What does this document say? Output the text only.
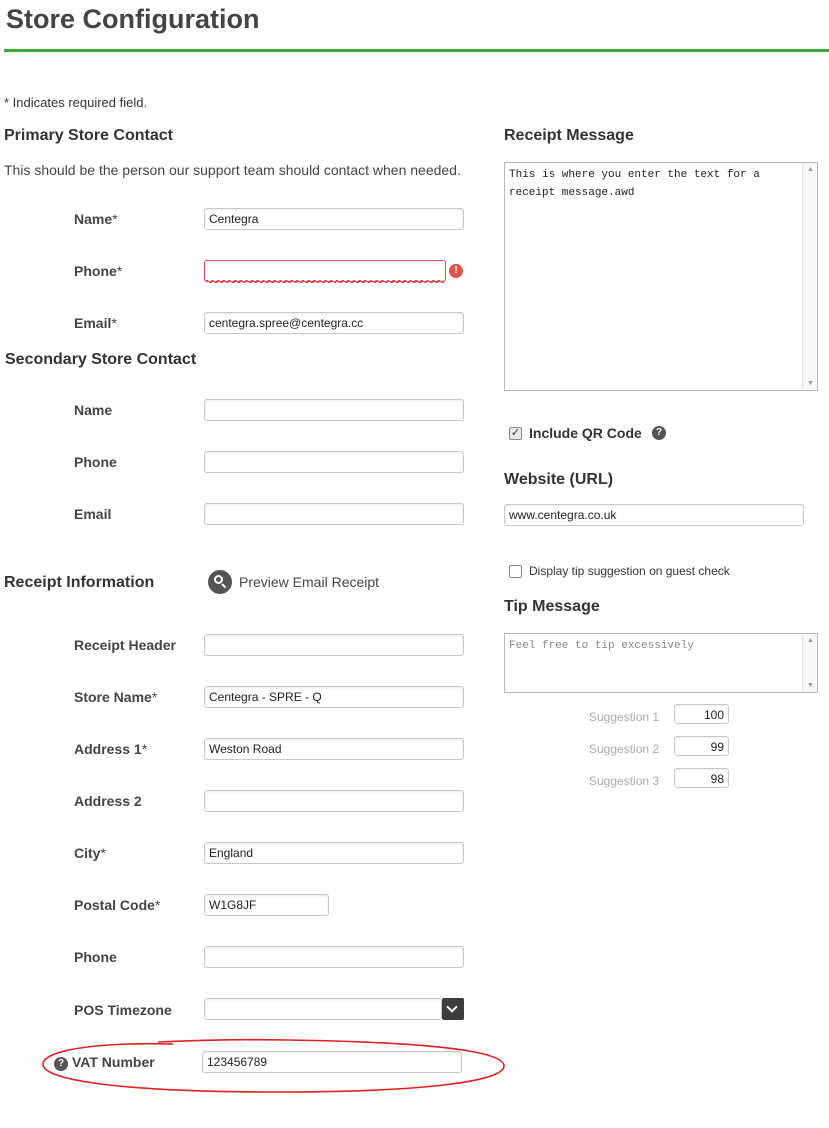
Store Configuration
* Indicates required field.
Primary Store Contact
This should be the person our support team should contact when needed.
Name*	Centegra
Phone*	!
Email*	centegra.spree@centegra.cc
Secondary Store Contact
Name
Phone
Email
Receipt Information	Preview Email Receipt
Receipt Header
Store Name*	Centegra - SPRE - Q
Address 1*	Weston Road
Address 2
City*	England
Postal Code*	W1G8JF
Phone
POS Timezone
? VAT Number	123456789
Receipt Message
This is where you enter the text for a receipt message.awd
▲
▼
✓ Include QR Code	?
Website (URL)
www.centegra.co.uk
Display tip suggestion on guest check
Tip Message
Feel free to tip excessively	▲
▼
Suggestion 1	100
Suggestion 2	99
Suggestion 3	98
